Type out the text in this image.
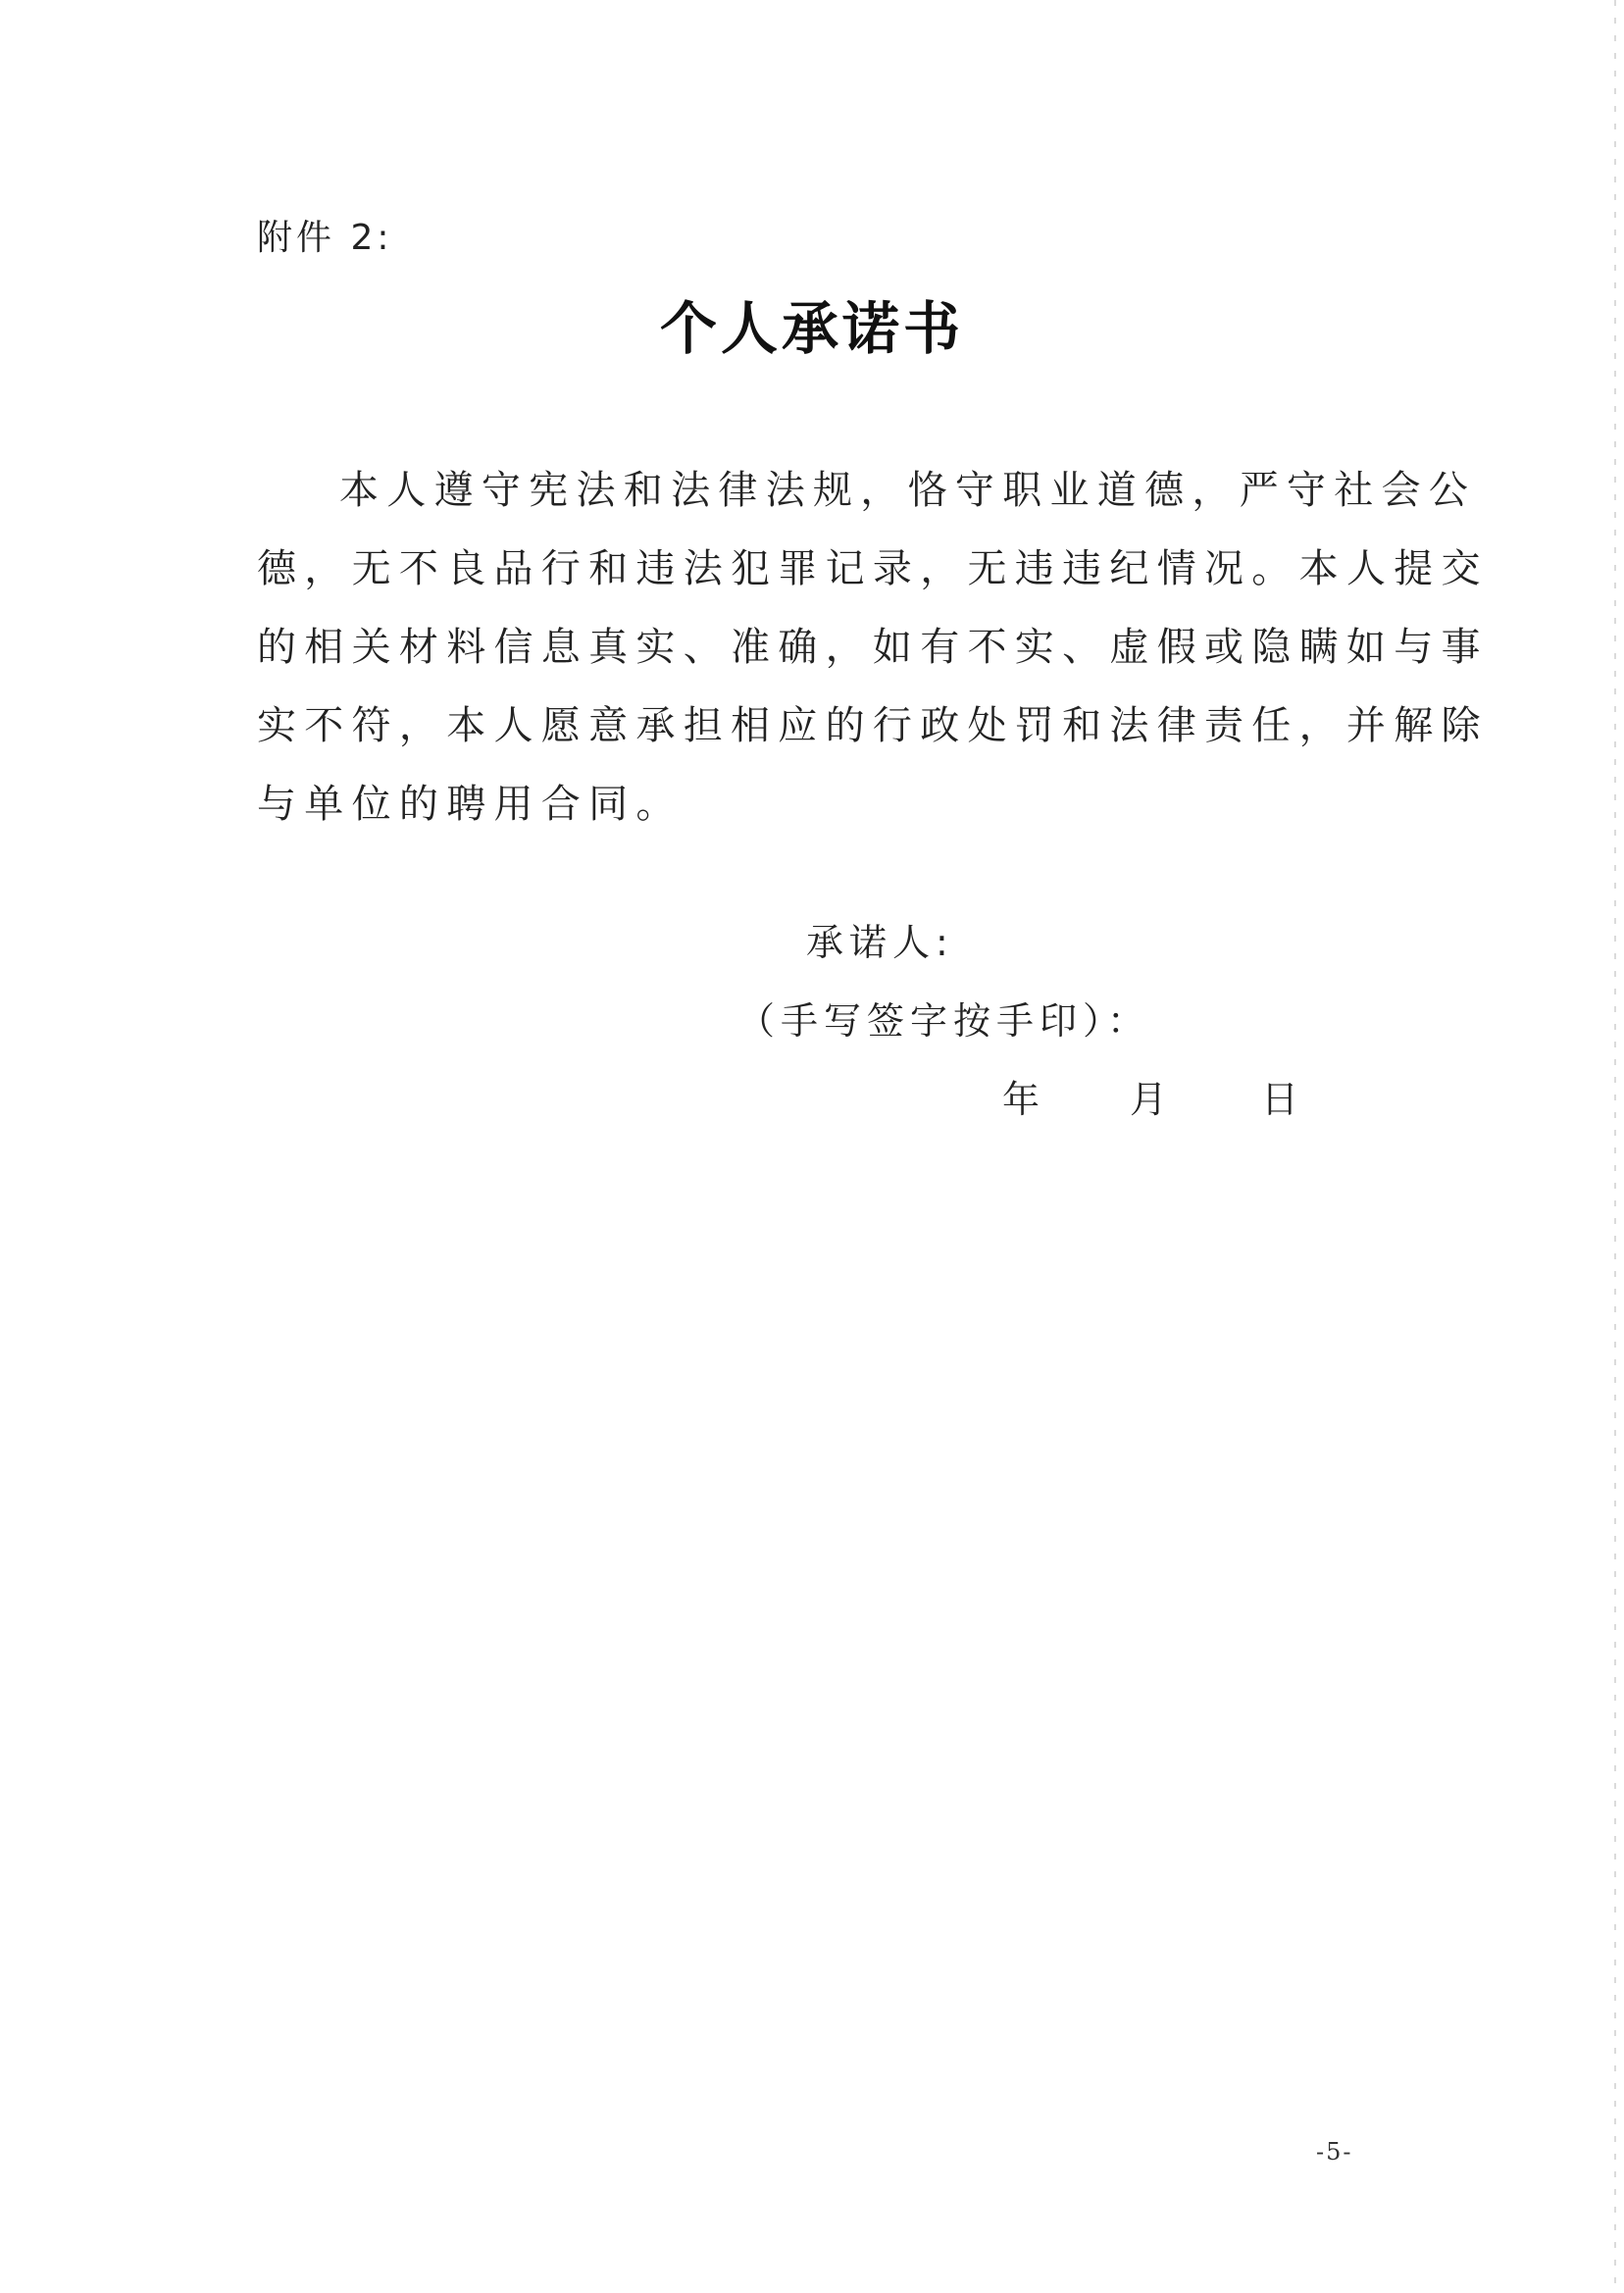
附件 2:
个人承诺书
本人遵守宪法和法律法规，恪守职业道德，严守社会公
德，无不良品行和违法犯罪记录，无违违纪情况。本人提交
的相关材料信息真实、准确，如有不实、虚假或隐瞒如与事
实不符，本人愿意承担相应的行政处罚和法律责任，并解除
与单位的聘用合同。
承诺人:
（手写签字按手印）：
年 月	日
-5-
